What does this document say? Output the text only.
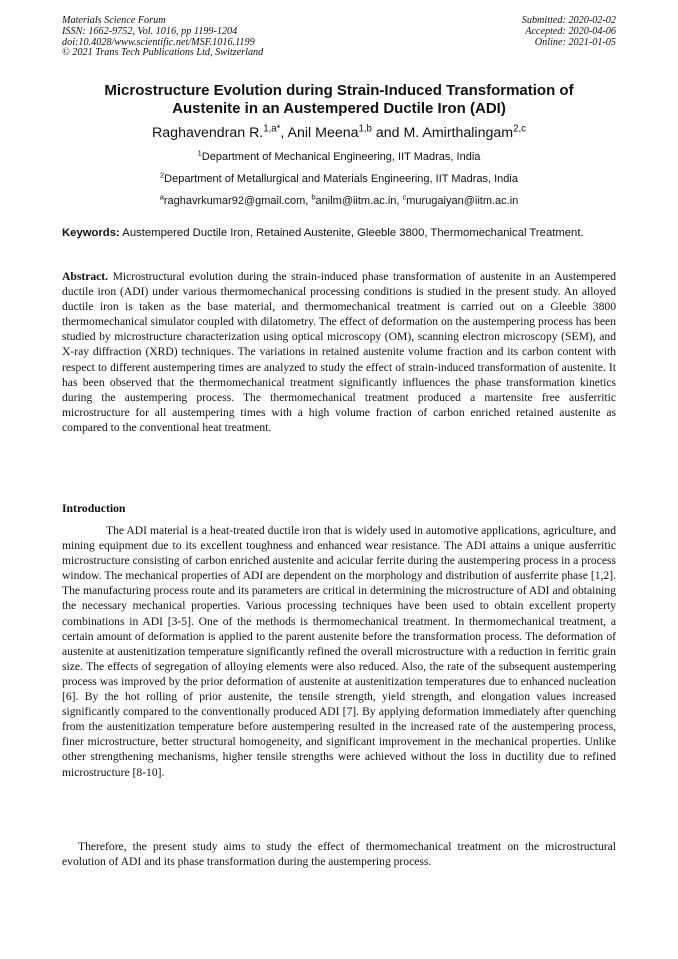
Materials Science Forum
ISSN: 1662-9752, Vol. 1016, pp 1199-1204
doi:10.4028/www.scientific.net/MSF.1016.1199
© 2021 Trans Tech Publications Ltd, Switzerland
Submitted: 2020-02-02
Accepted: 2020-04-06
Online: 2021-01-05
Microstructure Evolution during Strain-Induced Transformation of
Austenite in an Austempered Ductile Iron (ADI)
Raghavendran R.$^{1,a*}$, Anil Meena$^{1,b}$ and M. Amirthalingam$^{2,c}$
$^1$Department of Mechanical Engineering, IIT Madras, India
$^2$Department of Metallurgical and Materials Engineering, IIT Madras, India
$^a$raghavrkumar92@gmail.com, $^b$anilm@iitm.ac.in, $^c$murugaiyan@iitm.ac.in
Keywords: Austempered Ductile Iron, Retained Austenite, Gleeble 3800, Thermomechanical Treatment.

Abstract. Microstructural evolution during the strain-induced phase transformation of austenite in an Austempered ductile iron (ADI) under various thermomechanical processing conditions is studied in the present study. An alloyed ductile iron is taken as the base material, and thermomechanical treatment is carried out on a Gleeble 3800 thermomechanical simulator coupled with dilatometry. The effect of deformation on the austempering process has been studied by microstructure characterization using optical microscopy (OM), scanning electron microscopy (SEM), and X-ray diffraction (XRD) techniques. The variations in retained austenite volume fraction and its carbon content with respect to different austempering times are analyzed to study the effect of strain-induced transformation of austenite. It has been observed that the thermomechanical treatment significantly influences the phase transformation kinetics during the austempering process. The thermomechanical treatment produced a martensite free ausferritic microstructure for all austempering times with a high volume fraction of carbon enriched retained austenite as compared to the conventional heat treatment.

Introduction

The ADI material is a heat-treated ductile iron that is widely used in automotive applications, agriculture, and mining equipment due to its excellent toughness and enhanced wear resistance. The ADI attains a unique ausferritic microstructure consisting of carbon enriched austenite and acicular ferrite during the austempering process in a process window. The mechanical properties of ADI are dependent on the morphology and distribution of ausferrite phase [1,2]. The manufacturing process route and its parameters are critical in determining the microstructure of ADI and obtaining the necessary mechanical properties. Various processing techniques have been used to obtain excellent property combinations in ADI [3-5]. One of the methods is thermomechanical treatment. In thermomechanical treatment, a certain amount of deformation is applied to the parent austenite before the transformation process. The deformation of austenite at austenitization temperature significantly refined the overall microstructure with a reduction in ferritic grain size. The effects of segregation of alloying elements were also reduced. Also, the rate of the subsequent austempering process was improved by the prior deformation of austenite at austenitization temperatures due to enhanced nucleation [6]. By the hot rolling of prior austenite, the tensile strength, yield strength, and elongation values increased significantly compared to the conventionally produced ADI [7]. By applying deformation immediately after quenching from the austenitization temperature before austempering resulted in the increased rate of the austempering process, finer microstructure, better structural homogeneity, and significant improvement in the mechanical properties. Unlike other strengthening mechanisms, higher tensile strengths were achieved without the loss in ductility due to refined microstructure [8-10].

Therefore, the present study aims to study the effect of thermomechanical treatment on the microstructural evolution of ADI and its phase transformation during the austempering process.
